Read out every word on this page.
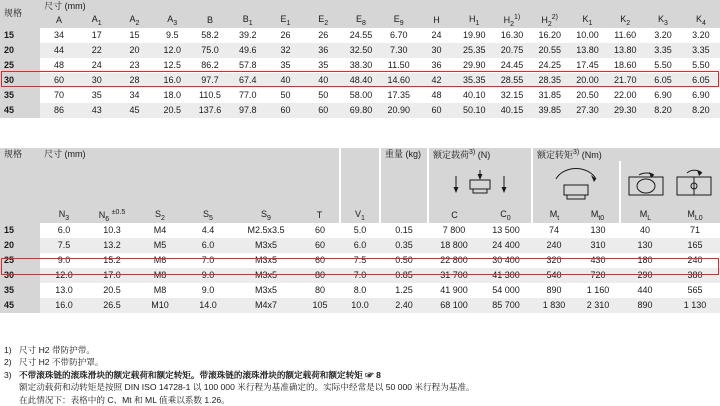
规格	尺寸 (mm)																	
	A	$A_1$	$A_2$	$A_3$	B	$B_1$	$E_1$	$E_2$	$E_8$	$E_9$	H	$H_1$	$H_2^{1)}$	$H_2^{2)}$	$K_1$	$K_2$	$K_3$	$K_4$
15	34	17	15	9.5	58.2	39.2	26	26	24.55	6.70	24	19.90	16.30	16.20	10.00	11.60	3.20	3.20
20	44	22	20	12.0	75.0	49.6	32	36	32.50	7.30	30	25.35	20.75	20.55	13.80	13.80	3.35	3.35
25	48	24	23	12.5	86.2	57.8	35	35	38.30	11.50	36	29.90	24.45	24.25	17.45	18.60	5.50	5.50
30	60	30	28	16.0	97.7	67.4	40	40	48.40	14.60	42	35.35	28.55	28.35	20.00	21.70	6.05	6.05
35	70	35	34	18.0	110.5	77.0	50	50	58.00	17.35	48	40.10	32.15	31.85	20.50	22.00	6.90	6.90
45	86	43	45	20.5	137.6	97.8	60	60	69.80	20.90	60	50.10	40.15	39.85	27.30	29.30	8.20	8.20
规格	尺寸 (mm)							重量 (kg)	额定载荷$^{3)}$ (N)		额定转矩$^{3)}$ (Nm)			

	$N_3$	$N_6$ $^{\pm 0.5}$	$S_2$	$S_5$	$S_9$	T	$V_1$		C	$C_0$	$M_t$	$M_{t0}$	$M_L$	$M_{L0}$
15	6.0	10.3	M4	4.4	M2.5x3.5	60	5.0	0.15	7 800	13 500	74	130	40	71
20	7.5	13.2	M5	6.0	M3x5	60	6.0	0.35	18 800	24 400	240	310	130	165
25	9.0	15.2	M6	7.0	M3x5	60	7.5	0.50	22 800	30 400	320	430	180	240
30	12.0	17.0	M8	9.0	M3x5	80	7.0	0.85	31 700	41 300	540	720	290	380
35	13.0	20.5	M8	9.0	M3x5	80	8.0	1.25	41 900	54 000	890	1 160	440	565
45	16.0	26.5	M10	14.0	M4x7	105	10.0	2.40	68 100	85 700	1 830	2 310	890	1 130
1) 尺寸 H2 带防护带。
2) 尺寸 H2 不带防护罩。
3) 不带滚珠链的滚珠滑块的额定载荷和额定转矩。带滚珠链的滚珠滑块的额定载荷和额定转矩 ☞ 8
额定动载荷和动转矩是按照 DIN ISO 14728-1 以 100 000 米行程为基准确定的。实际中经常是以 50 000 米行程为基准。
在此情况下：表格中的 C、Mt 和 ML 值乘以系数 1.26。
